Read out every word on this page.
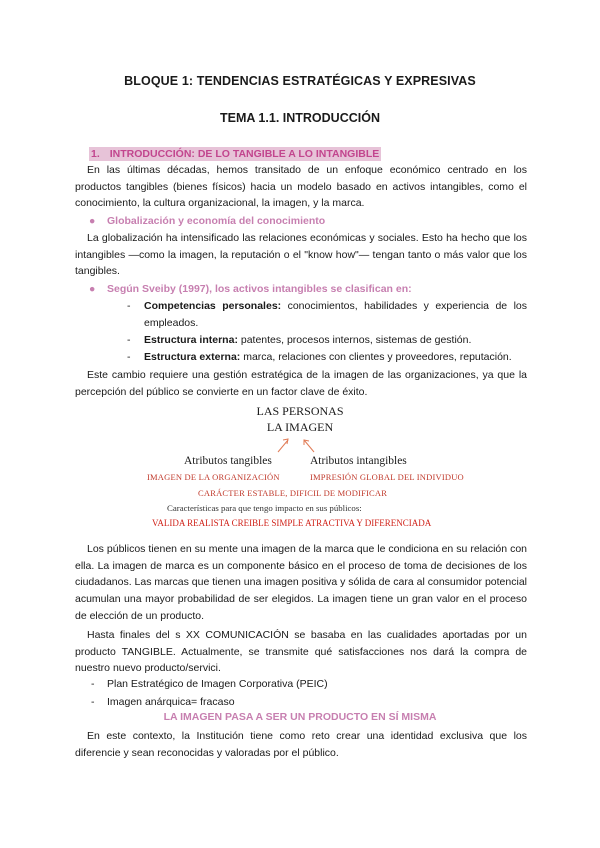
BLOQUE 1: TENDENCIAS ESTRATÉGICAS Y EXPRESIVAS
TEMA 1.1. INTRODUCCIÓN
1. INTRODUCCIÓN: DE LO TANGIBLE A LO INTANGIBLE
En las últimas décadas, hemos transitado de un enfoque económico centrado en los productos tangibles (bienes físicos) hacia un modelo basado en activos intangibles, como el conocimiento, la cultura organizacional, la imagen, y la marca.
● Globalización y economía del conocimiento
La globalización ha intensificado las relaciones económicas y sociales. Esto ha hecho que los intangibles —como la imagen, la reputación o el "know how"— tengan tanto o más valor que los tangibles.
● Según Sveiby (1997), los activos intangibles se clasifican en:
- Competencias personales: conocimientos, habilidades y experiencia de los empleados.
- Estructura interna: patentes, procesos internos, sistemas de gestión.
- Estructura externa: marca, relaciones con clientes y proveedores, reputación.
Este cambio requiere una gestión estratégica de la imagen de las organizaciones, ya que la percepción del público se convierte en un factor clave de éxito.
LAS PERSONAS
LA IMAGEN
Atributos tangibles	Atributos intangibles
IMAGEN DE LA ORGANIZACIÓN	IMPRESIÓN GLOBAL DEL INDIVIDUO
CARÁCTER ESTABLE, DIFICIL DE MODIFICAR
Características para que tengo impacto en sus públicos:
VALIDA REALISTA CREIBLE SIMPLE ATRACTIVA Y DIFERENCIADA
Los públicos tienen en su mente una imagen de la marca que le condiciona en su relación con ella. La imagen de marca es un componente básico en el proceso de toma de decisiones de los ciudadanos. Las marcas que tienen una imagen positiva y sólida de cara al consumidor potencial acumulan una mayor probabilidad de ser elegidos. La imagen tiene un gran valor en el proceso de elección de un producto.
Hasta finales del s XX COMUNICACIÓN se basaba en las cualidades aportadas por un producto TANGIBLE. Actualmente, se transmite qué satisfacciones nos dará la compra de nuestro nuevo producto/servici.
- Plan Estratégico de Imagen Corporativa (PEIC)
- Imagen anárquica= fracaso
LA IMAGEN PASA A SER UN PRODUCTO EN SÍ MISMA
En este contexto, la Institución tiene como reto crear una identidad exclusiva que los diferencie y sean reconocidas y valoradas por el público.
